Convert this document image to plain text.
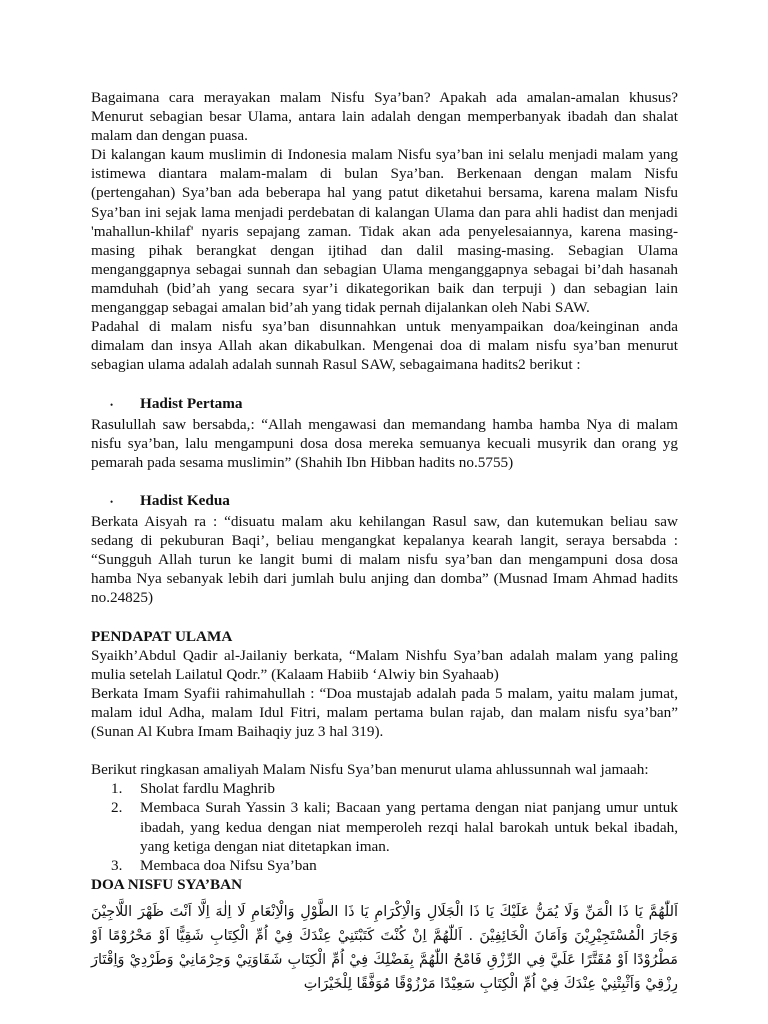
Bagaimana cara merayakan malam Nisfu Sya’ban? Apakah ada amalan-amalan khusus? Menurut sebagian besar Ulama, antara lain adalah dengan memperbanyak ibadah dan shalat malam dan dengan puasa.

Di kalangan kaum muslimin di Indonesia malam Nisfu sya’ban ini selalu menjadi malam yang istimewa diantara malam-malam di bulan Sya’ban. Berkenaan dengan malam Nisfu (pertengahan) Sya’ban ada beberapa hal yang patut diketahui bersama, karena malam Nisfu Sya’ban ini sejak lama menjadi perdebatan di kalangan Ulama dan para ahli hadist dan menjadi 'mahallun-khilaf' nyaris sepajang zaman. Tidak akan ada penyelesaiannya, karena masing-masing pihak berangkat dengan ijtihad dan dalil masing-masing. Sebagian Ulama menganggapnya sebagai sunnah dan sebagian Ulama menganggapnya sebagai bi’dah hasanah mamduhah (bid’ah yang secara syar’i dikategorikan baik dan terpuji ) dan sebagian lain menganggap sebagai amalan bid’ah yang tidak pernah dijalankan oleh Nabi SAW.

Padahal di malam nisfu sya’ban disunnahkan untuk menyampaikan doa/keinginan anda dimalam dan insya Allah akan dikabulkan. Mengenai doa di malam nisfu sya’ban menurut sebagian ulama adalah adalah sunnah Rasul SAW, sebagaimana hadits2 berikut :

•	Hadist Pertama

Rasulullah saw bersabda,: “Allah mengawasi dan memandang hamba hamba Nya di malam nisfu sya’ban, lalu mengampuni dosa dosa mereka semuanya kecuali musyrik dan orang yg pemarah pada sesama muslimin” (Shahih Ibn Hibban hadits no.5755)

•	Hadist Kedua

Berkata Aisyah ra : “disuatu malam aku kehilangan Rasul saw, dan kutemukan beliau saw sedang di pekuburan Baqi’, beliau mengangkat kepalanya kearah langit, seraya bersabda : “Sungguh Allah turun ke langit bumi di malam nisfu sya’ban dan mengampuni dosa dosa hamba Nya sebanyak lebih dari jumlah bulu anjing dan domba” (Musnad Imam Ahmad hadits no.24825)

PENDAPAT ULAMA

Syaikh’Abdul Qadir al-Jailaniy berkata, “Malam Nishfu Sya’ban adalah malam yang paling mulia setelah Lailatul Qodr.” (Kalaam Habiib ‘Alwiy bin Syahaab)

Berkata Imam Syafii rahimahullah : “Doa mustajab adalah pada 5 malam, yaitu malam jumat, malam idul Adha, malam Idul Fitri, malam pertama bulan rajab, dan malam nisfu sya’ban” (Sunan Al Kubra Imam Baihaqiy juz 3 hal 319).

Berikut ringkasan amaliyah Malam Nisfu Sya’ban menurut ulama ahlussunnah wal jamaah:

1.	Sholat fardlu Maghrib
2.	Membaca Surah Yassin 3 kali; Bacaan yang pertama dengan niat panjang umur untuk ibadah, yang kedua dengan niat memperoleh rezqi halal barokah untuk bekal ibadah, yang ketiga dengan niat ditetapkan iman.
3.	Membaca doa Nifsu Sya’ban

DOA NISFU SYA’BAN

اَللّٰهُمَّ يَا ذَا الْمَنِّ وَلَا يُمَنُّ عَلَيْكَ يَا ذَا الْجَلَالِ وَالْاِكْرَامِ يَا ذَا الطَّوْلِ وَالْاِنْعَامِ لَا اِلٰهَ اِلَّا اَنْتَ ظَهْرَ اللَّاجِيْنَ وَجَارَ الْمُسْتَجِيْرِيْنَ وَاَمَانَ الْخَائِفِيْنَ . اَللّٰهُمَّ اِنْ كُنْتَ كَتَبْتَنِيْ عِنْدَكَ فِيْ اُمِّ الْكِتَابِ شَقِيًّا اَوْ مَحْرُوْمًا اَوْ مَطْرُوْدًا اَوْ مُقَتَّرًا عَلَيَّ فِي الرِّزْقِ فَامْحُ اللّٰهُمَّ بِفَضْلِكَ فِيْ اُمِّ الْكِتَابِ شَقَاوَتِيْ وَحِرْمَانِيْ وَطَرْدِيْ وَاِقْتَارَ رِزْقِيْ وَاَثْبِتْنِيْ عِنْدَكَ فِيْ اُمِّ الْكِتَابِ سَعِيْدًا مَرْزُوْقًا مُوَفَّقًا لِلْخَيْرَاتِ
